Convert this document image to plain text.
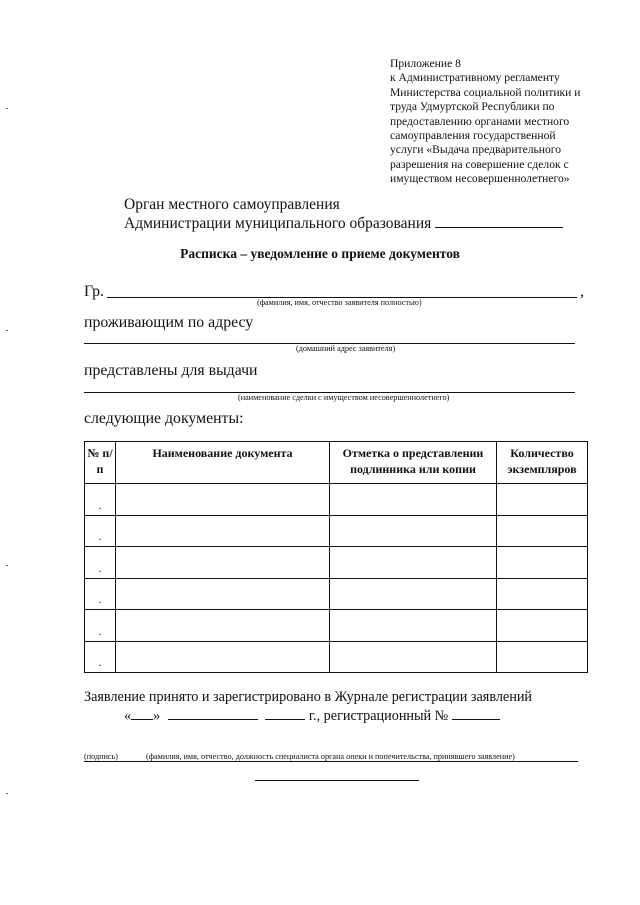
Приложение 8
к Административному регламенту
Министерства социальной политики и
труда Удмуртской Республики по
предоставлению органами местного
самоуправления государственной
услуги «Выдача предварительного
разрешения на совершение сделок с
имуществом несовершеннолетнего»
Орган местного самоуправления
Администрации муниципального образования
Расписка – уведомление о приеме документов
Гр.	,
(фамилия, имя, отчество заявителя полностью)
проживающим по адресу
(домашний адрес заявителя)
представлены для выдачи
(наименование сделки с имуществом несовершеннолетнего)
следующие документы:
№ п/п	Наименование документа	Отметка о представлении подлинника или копии	Количество экземпляров
.			
.			
.			
.			
.			
.			
Заявление принято и зарегистрировано в Журнале регистрации заявлений
« »	г., регистрационный №
(подпись)	(фамилия, имя, отчество, должность специалиста органа опеки и попечительства, принявшего заявление)
